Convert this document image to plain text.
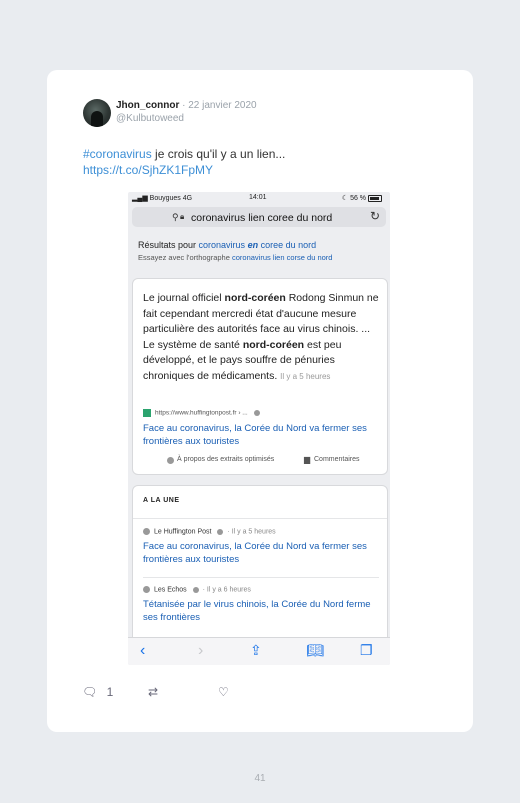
Jhon_connor · 22 janvier 2020
@Kulbutoweed
#coronavirus je crois qu'il y a un lien...
https://t.co/SjhZK1FpMY
▂▄▆ Bouygues 4G	14:01	☾ 56 %
⚲ 🔒︎ coronavirus lien coree du nord	↻
Résultats pour coronavirus en coree du nord
Essayez avec l'orthographe coronavirus lien corse du nord
Le journal officiel nord-coréen Rodong Sinmun ne fait cependant mercredi état d'aucune mesure particulière des autorités face au virus chinois. ... Le système de santé nord-coréen est peu développé, et le pays souffre de pénuries chroniques de médicaments. Il y a 5 heures
https://www.huffingtonpost.fr › ...
Face au coronavirus, la Corée du Nord va fermer ses frontières aux touristes
À propos des extraits optimisés	▆ Commentaires
A LA UNE
Le Huffington Post · Il y a 5 heures
Face au coronavirus, la Corée du Nord va fermer ses frontières aux touristes
Les Echos · Il y a 6 heures
Tétanisée par le virus chinois, la Corée du Nord ferme ses frontières
‹	›	⇪	📖︎	❐
🗨︎ 1	⇄	♡
41
